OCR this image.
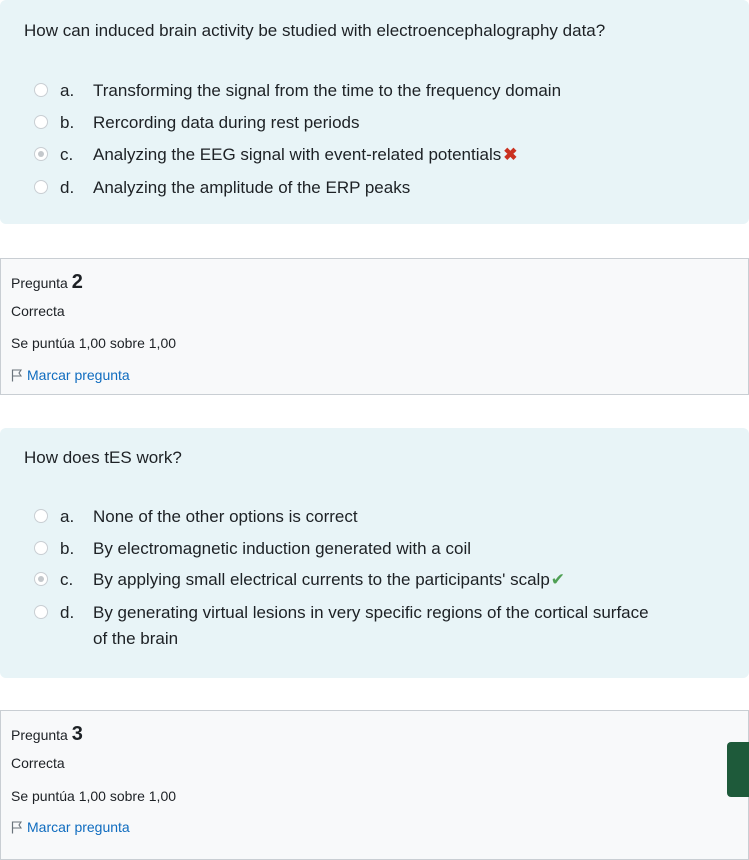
How can induced brain activity be studied with electroencephalography data?
a. Transforming the signal from the time to the frequency domain
b. Rercording data during rest periods
c. Analyzing the EEG signal with event-related potentials ✖
d. Analyzing the amplitude of the ERP peaks
Pregunta 2
Correcta
Se puntúa 1,00 sobre 1,00
Marcar pregunta
How does tES work?
a. None of the other options is correct
b. By electromagnetic induction generated with a coil
c. By applying small electrical currents to the participants' scalp✔
d. By generating virtual lesions in very specific regions of the cortical surface
of the brain
Pregunta 3
Correcta
Se puntúa 1,00 sobre 1,00
Marcar pregunta
